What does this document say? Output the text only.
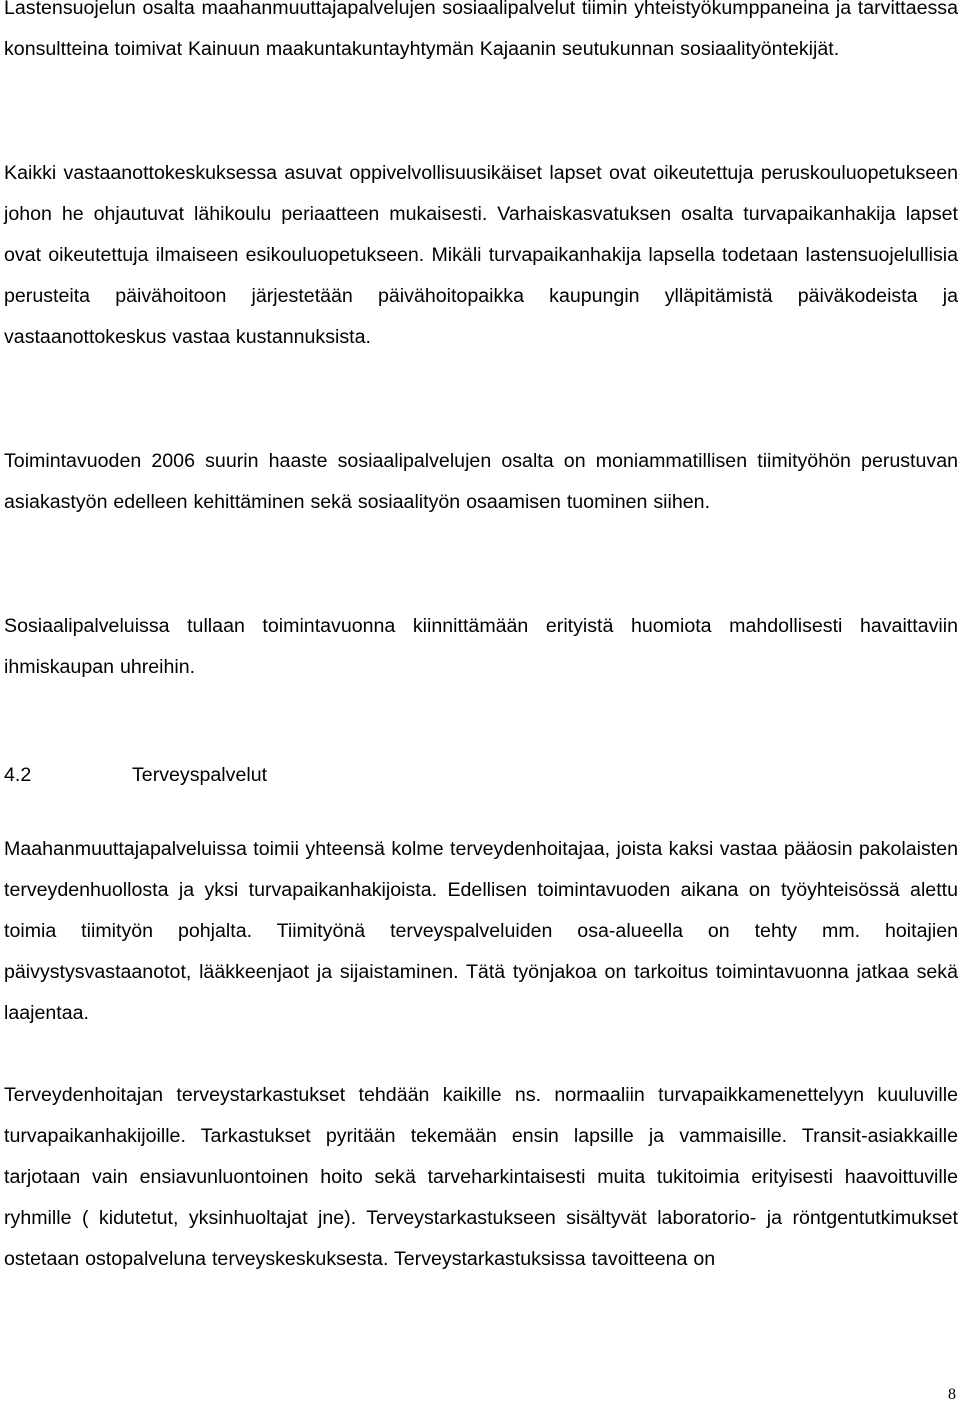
Lastensuojelun osalta maahanmuuttajapalvelujen sosiaalipalvelut tiimin yhteistyökumppaneina ja tarvittaessa konsultteina toimivat Kainuun maakuntakuntayhtymän Kajaanin seutukunnan sosiaalityöntekijät.

Kaikki vastaanottokeskuksessa asuvat oppivelvollisuusikäiset lapset ovat oikeutettuja peruskouluopetukseen johon he ohjautuvat lähikoulu periaatteen mukaisesti. Varhaiskasvatuksen osalta turvapaikanhakija lapset ovat oikeutettuja ilmaiseen esikouluopetukseen. Mikäli turvapaikanhakija lapsella todetaan lastensuojelullisia perusteita päivähoitoon järjestetään päivähoitopaikka kaupungin ylläpitämistä päiväkodeista ja vastaanottokeskus vastaa kustannuksista.

Toimintavuoden 2006 suurin haaste sosiaalipalvelujen osalta on moniammatillisen tiimityöhön perustuvan asiakastyön edelleen kehittäminen sekä sosiaalityön osaamisen tuominen siihen.

Sosiaalipalveluissa tullaan toimintavuonna kiinnittämään erityistä huomiota mahdollisesti havaittaviin ihmiskaupan uhreihin.

4.2	Terveyspalvelut

Maahanmuuttajapalveluissa toimii yhteensä kolme terveydenhoitajaa, joista kaksi vastaa pääosin pakolaisten terveydenhuollosta ja yksi turvapaikanhakijoista. Edellisen toimintavuoden aikana on työyhteisössä alettu toimia tiimityön pohjalta. Tiimityönä terveyspalveluiden osa-alueella on tehty mm. hoitajien päivystysvastaanotot, lääkkeenjaot ja sijaistaminen. Tätä työnjakoa on tarkoitus toimintavuonna jatkaa sekä laajentaa.

Terveydenhoitajan terveystarkastukset tehdään kaikille ns. normaaliin turvapaikkamenettelyyn kuuluville turvapaikanhakijoille. Tarkastukset pyritään tekemään ensin lapsille ja vammaisille. Transit-asiakkaille tarjotaan vain ensiavunluontoinen hoito sekä tarveharkintaisesti muita tukitoimia erityisesti haavoittuville ryhmille ( kidutetut, yksinhuoltajat jne). Terveystarkastukseen sisältyvät laboratorio- ja röntgentutkimukset ostetaan ostopalveluna terveyskeskuksesta. Terveystarkastuksissa tavoitteena on

8
